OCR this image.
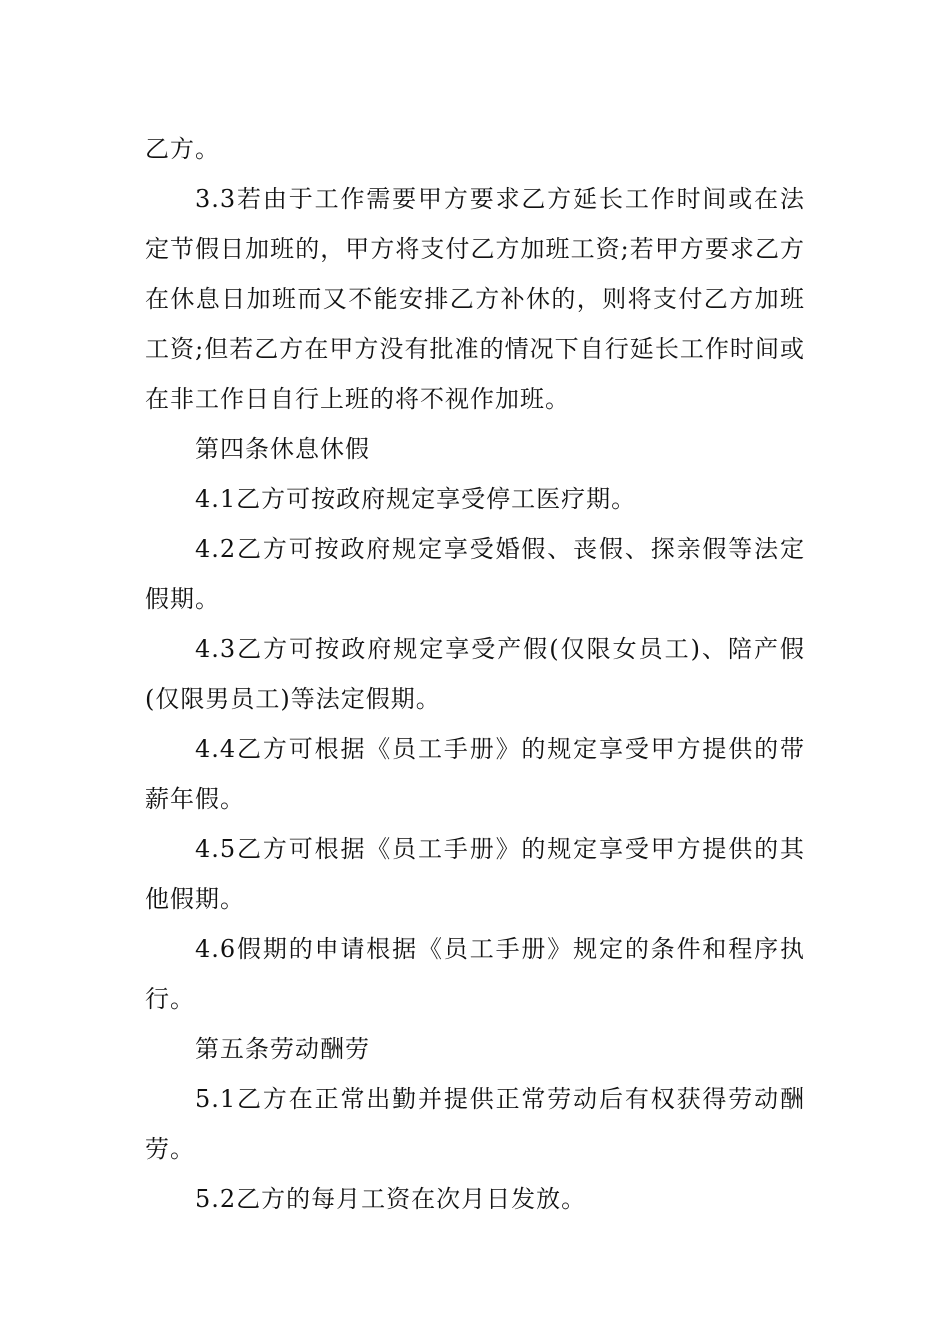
乙方。

3.3若由于工作需要甲方要求乙方延长工作时间或在法定节假日加班的，甲方将支付乙方加班工资;若甲方要求乙方在休息日加班而又不能安排乙方补休的，则将支付乙方加班工资;但若乙方在甲方没有批准的情况下自行延长工作时间或在非工作日自行上班的将不视作加班。

第四条休息休假

4.1乙方可按政府规定享受停工医疗期。

4.2乙方可按政府规定享受婚假、丧假、探亲假等法定假期。

4.3乙方可按政府规定享受产假(仅限女员工)、陪产假(仅限男员工)等法定假期。

4.4乙方可根据《员工手册》的规定享受甲方提供的带薪年假。

4.5乙方可根据《员工手册》的规定享受甲方提供的其他假期。

4.6假期的申请根据《员工手册》规定的条件和程序执行。

第五条劳动酬劳

5.1乙方在正常出勤并提供正常劳动后有权获得劳动酬劳。

5.2乙方的每月工资在次月日发放。
